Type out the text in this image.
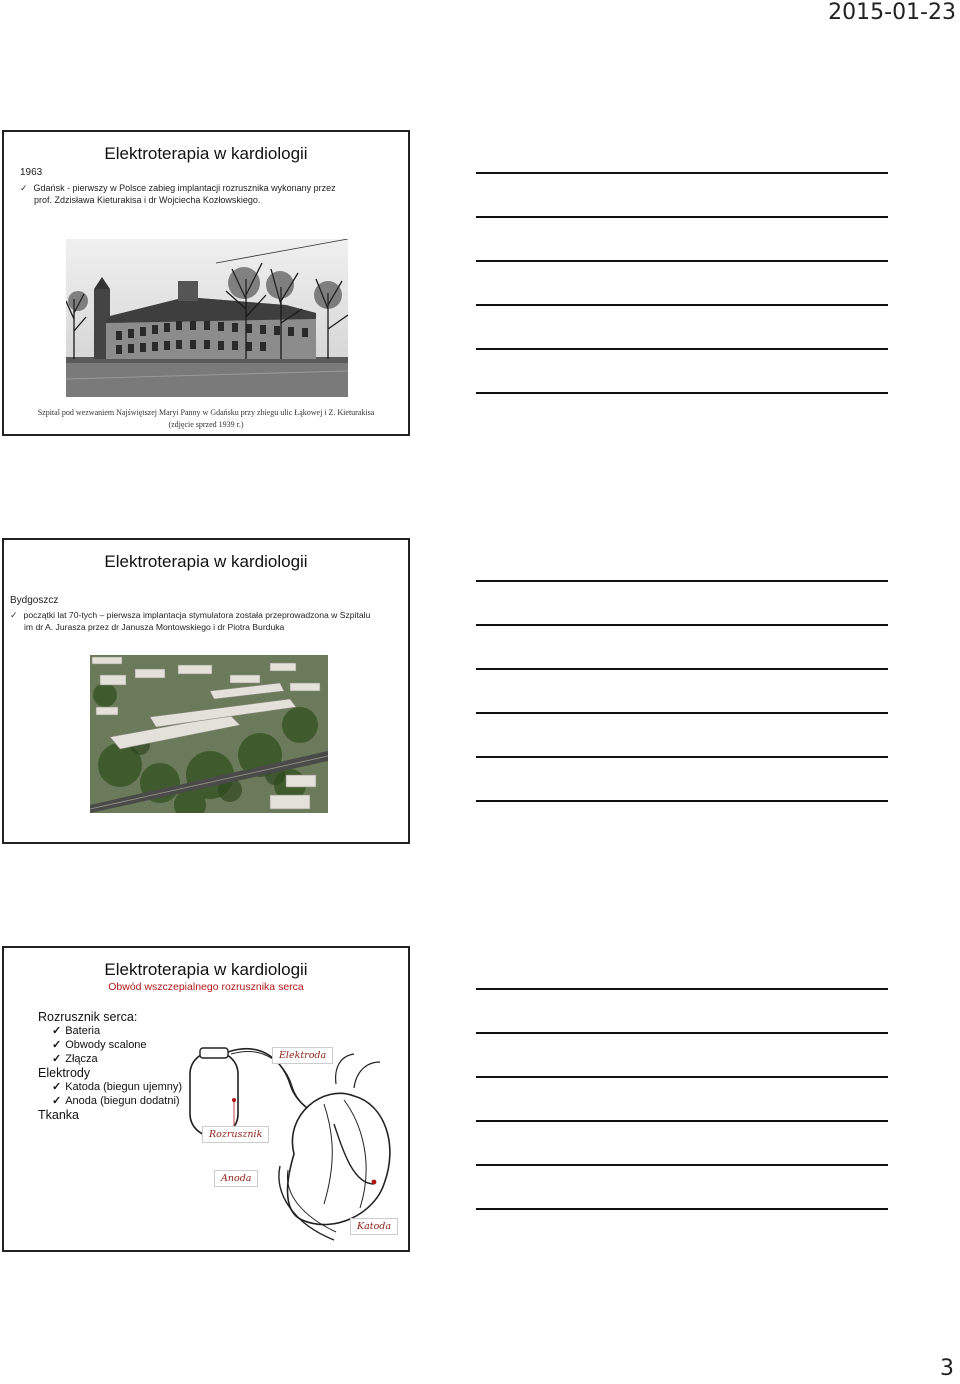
2015-01-23
Elektroterapia w kardiologii
1963
✓ Gdańsk - pierwszy w Polsce zabieg implantacji rozrusznika wykonany przez
prof. Zdzisława Kieturakisa i dr Wojciecha Kozłowskiego.
Szpital pod wezwaniem Najświętszej Maryi Panny w Gdańsku przy zbiegu ulic Łąkowej i Z. Kieturakisa
(zdjęcie sprzed 1939 r.)
Elektroterapia w kardiologii
Bydgoszcz
✓ początki lat 70-tych – pierwsza implantacja stymulatora została przeprowadzona w Szpitalu
im dr A. Jurasza przez dr Janusza Montowskiego i dr Piotra Burduka
Elektroterapia w kardiologii
Obwód wszczepialnego rozrusznika serca
Rozrusznik serca:
✓ Bateria
✓ Obwody scalone
✓ Złącza
Elektrody
✓ Katoda (biegun ujemny)
✓ Anoda (biegun dodatni)
Tkanka
Elektroda
Rozrusznik
Anoda
Katoda
3
